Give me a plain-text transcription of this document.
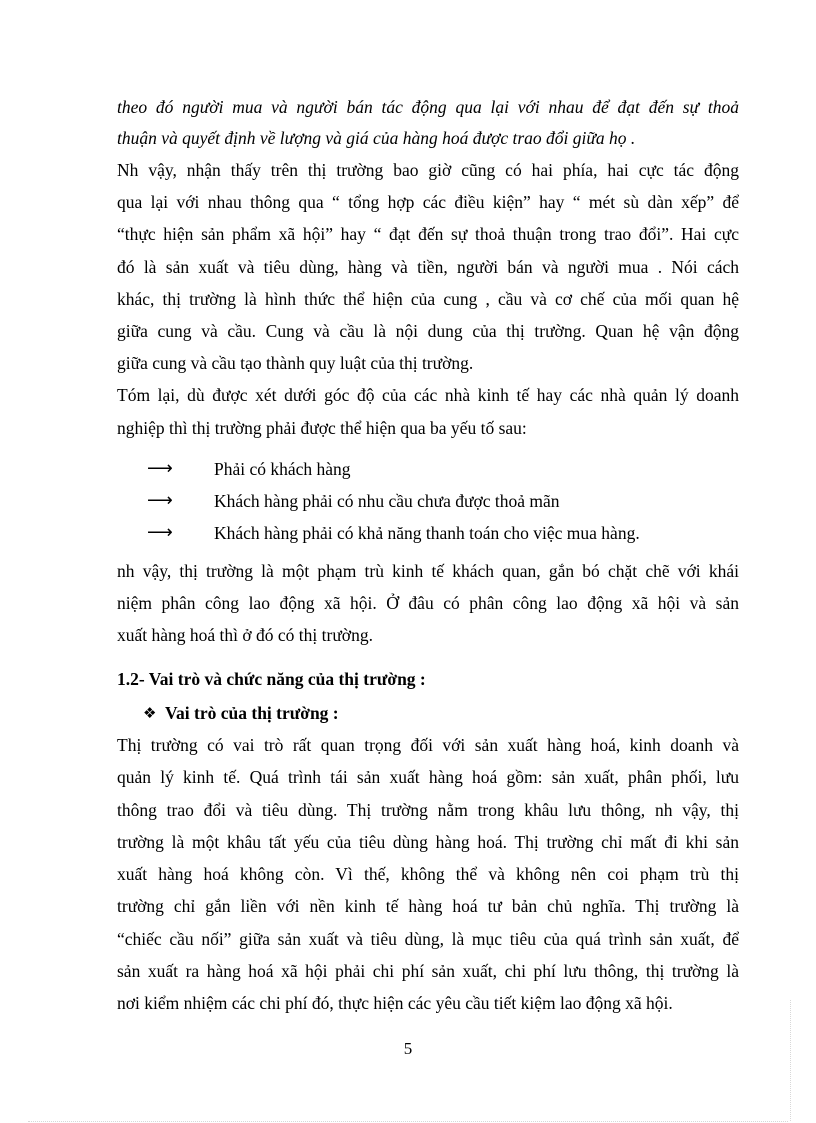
theo đó người mua và người bán tác động qua lại với nhau để đạt đến sự thoả
thuận và quyết định về lượng và giá của hàng hoá được trao đổi giữa họ .
Nh vậy, nhận thấy trên thị trường bao giờ cũng có hai phía, hai cực tác động
qua lại với nhau thông qua “ tổng hợp các điều kiện” hay “ mét sù dàn xếp” để
“thực hiện sản phẩm xã hội” hay “ đạt đến sự thoả thuận trong trao đổi”. Hai cực
đó là sản xuất và tiêu dùng, hàng và tiền, người bán và người mua . Nói cách
khác, thị trường là hình thức thể hiện của cung , cầu và cơ chế của mối quan hệ
giữa cung và cầu. Cung và cầu là nội dung của thị trường. Quan hệ vận động
giữa cung và cầu tạo thành quy luật của thị trường.
Tóm lại, dù được xét dưới góc độ của các nhà kinh tế hay các nhà quản lý doanh
nghiệp thì thị trường phải được thể hiện qua ba yếu tố sau:
⟶ Phải có khách hàng
⟶ Khách hàng phải có nhu cầu chưa được thoả mãn
⟶ Khách hàng phải có khả năng thanh toán cho việc mua hàng.
nh vậy, thị trường là một phạm trù kinh tế khách quan, gắn bó chặt chẽ với khái
niệm phân công lao động xã hội. Ở đâu có phân công lao động xã hội và sản
xuất hàng hoá thì ở đó có thị trường.
1.2- Vai trò và chức năng của thị trường :
❖ Vai trò của thị trường :
Thị trường có vai trò rất quan trọng đối với sản xuất hàng hoá, kinh doanh và
quản lý kinh tế. Quá trình tái sản xuất hàng hoá gồm: sản xuất, phân phối, lưu
thông trao đổi và tiêu dùng. Thị trường nằm trong khâu lưu thông, nh vậy, thị
trường là một khâu tất yếu của tiêu dùng hàng hoá. Thị trường chỉ mất đi khi sản
xuất hàng hoá không còn. Vì thế, không thể và không nên coi phạm trù thị
trường chỉ gắn liền với nền kinh tế hàng hoá tư bản chủ nghĩa. Thị trường là
“chiếc cầu nối” giữa sản xuất và tiêu dùng, là mục tiêu của quá trình sản xuất, để
sản xuất ra hàng hoá xã hội phải chi phí sản xuất, chi phí lưu thông, thị trường là
nơi kiểm nhiệm các chi phí đó, thực hiện các yêu cầu tiết kiệm lao động xã hội.
5
